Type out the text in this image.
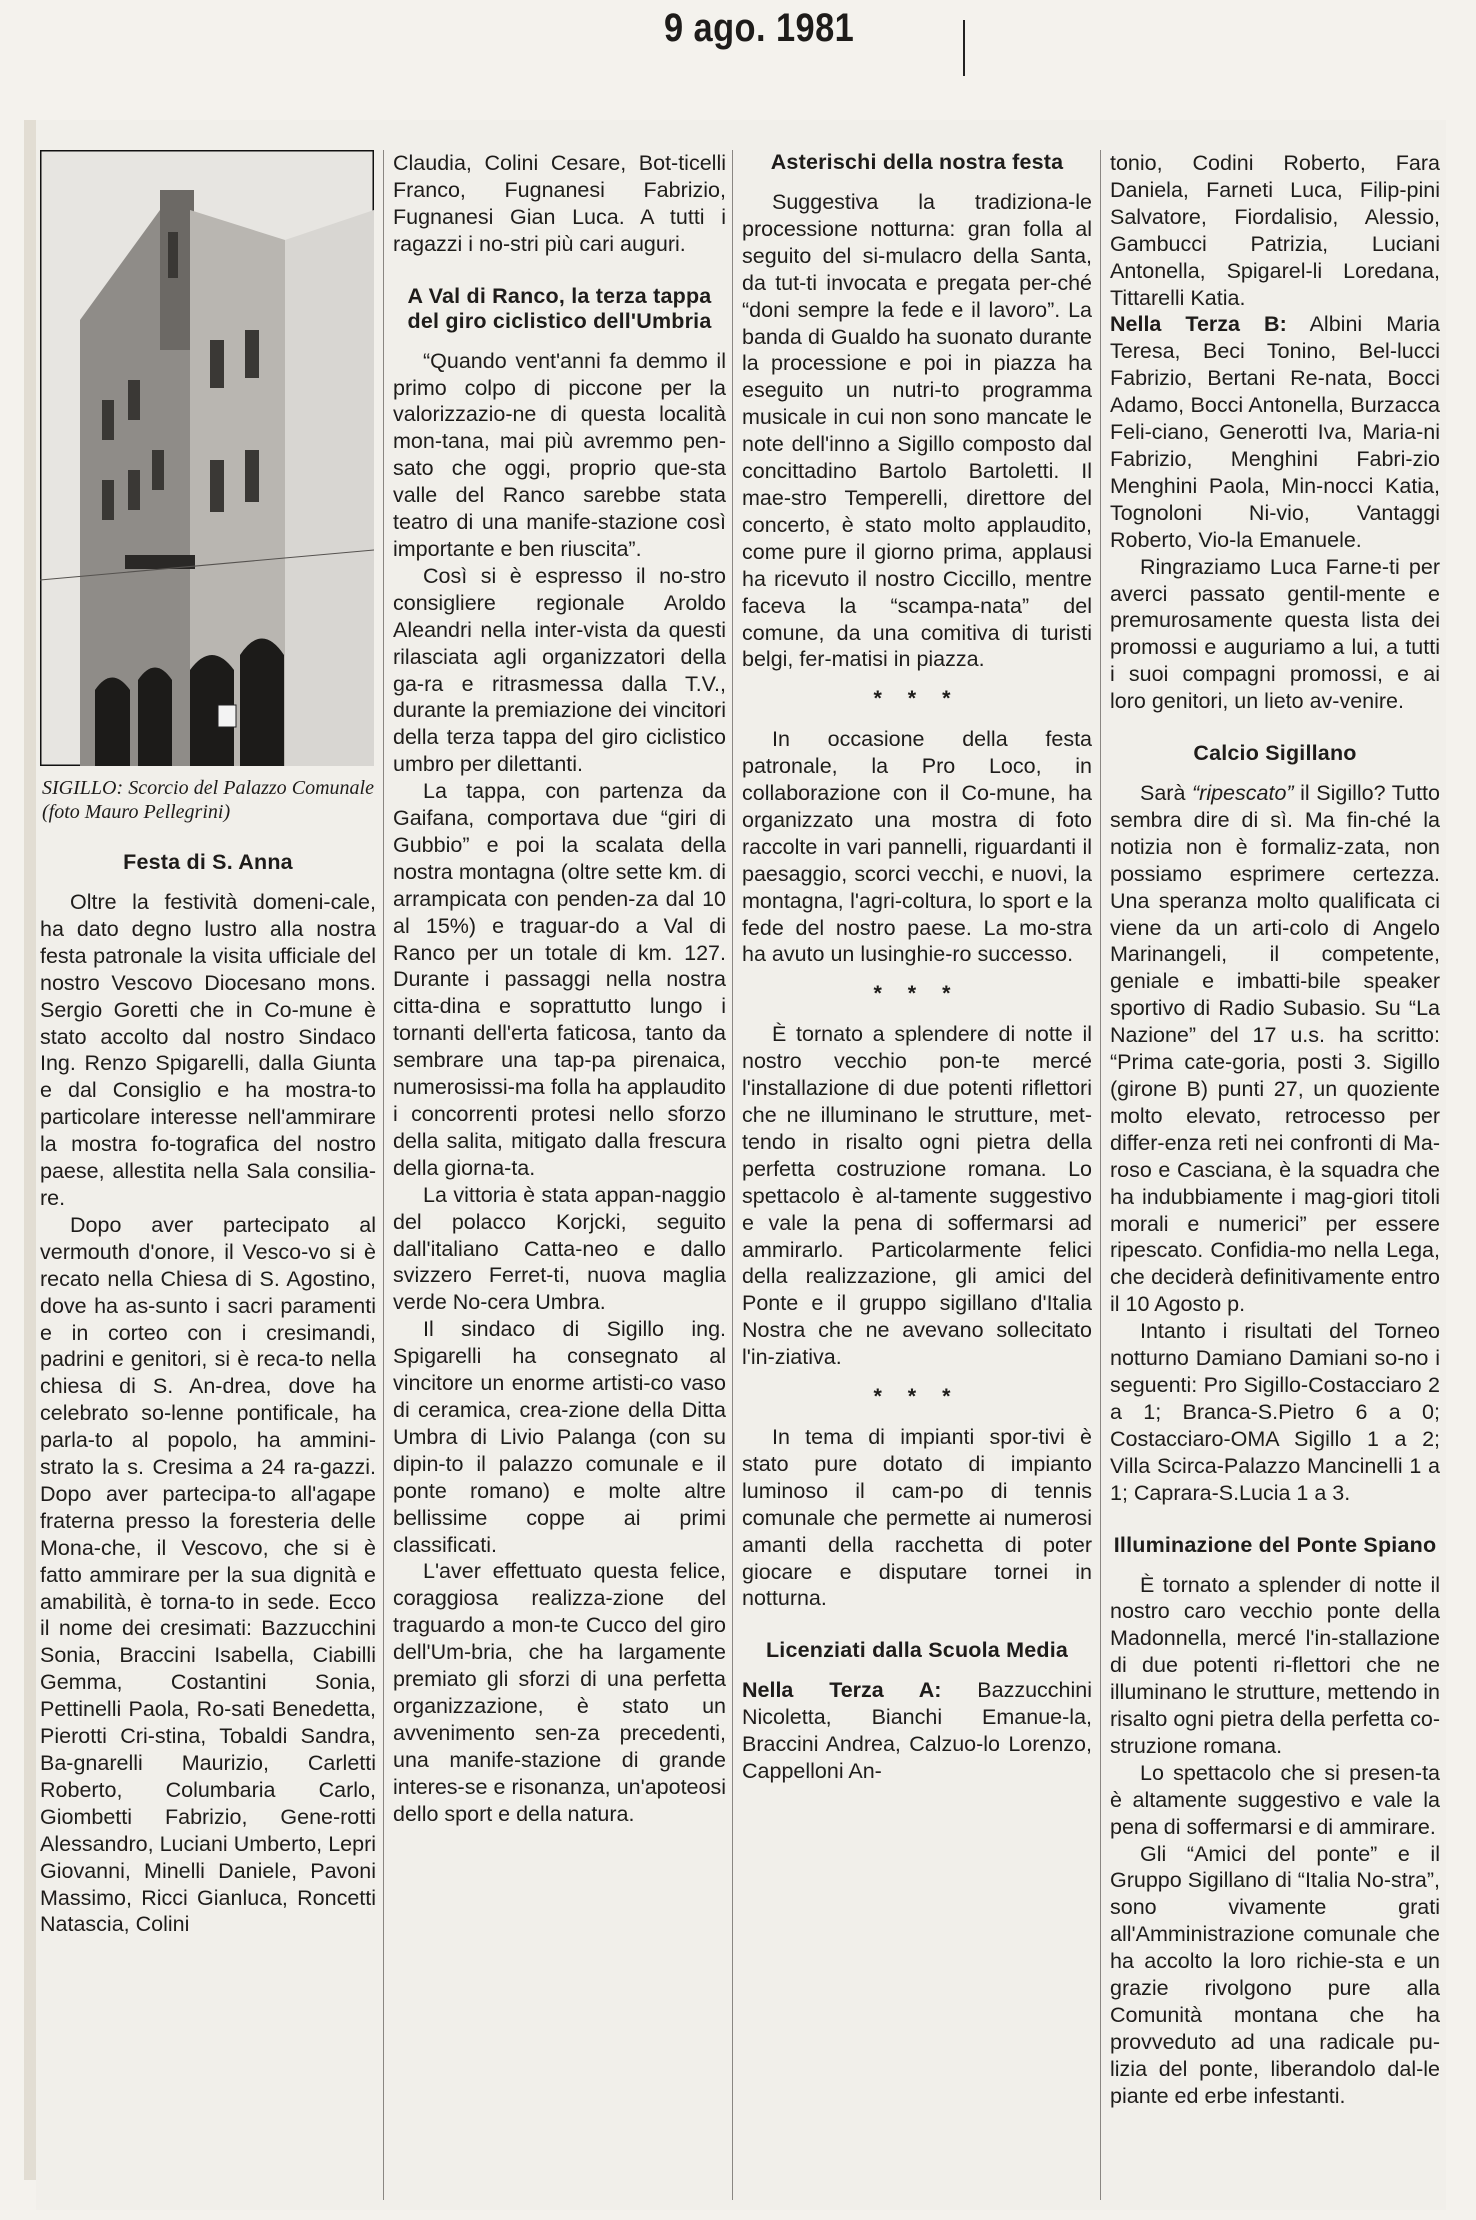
9 ago. 1981
SIGILLO: Scorcio del Palazzo Comunale (foto Mauro Pellegrini)
Festa di S. Anna

Oltre la festività domeni-cale, ha dato degno lustro alla nostra festa patronale la visita ufficiale del nostro Vescovo Diocesano mons. Sergio Goretti che in Co-mune è stato accolto dal nostro Sindaco Ing. Renzo Spigarelli, dalla Giunta e dal Consiglio e ha mostra-to particolare interesse nell'ammirare la mostra fo-tografica del nostro paese, allestita nella Sala consilia-re.

Dopo aver partecipato al vermouth d'onore, il Vesco-vo si è recato nella Chiesa di S. Agostino, dove ha as-sunto i sacri paramenti e in corteo con i cresimandi, padrini e genitori, si è reca-to nella chiesa di S. An-drea, dove ha celebrato so-lenne pontificale, ha parla-to al popolo, ha ammini-strato la s. Cresima a 24 ra-gazzi. Dopo aver partecipa-to all'agape fraterna presso la foresteria delle Mona-che, il Vescovo, che si è fatto ammirare per la sua dignità e amabilità, è torna-to in sede. Ecco il nome dei cresimati: Bazzucchini Sonia, Braccini Isabella, Ciabilli Gemma, Costantini Sonia, Pettinelli Paola, Ro-sati Benedetta, Pierotti Cri-stina, Tobaldi Sandra, Ba-gnarelli Maurizio, Carletti Roberto, Columbaria Carlo, Giombetti Fabrizio, Gene-rotti Alessandro, Luciani Umberto, Lepri Giovanni, Minelli Daniele, Pavoni Massimo, Ricci Gianluca, Roncetti Natascia, Colini

Claudia, Colini Cesare, Bot-ticelli Franco, Fugnanesi Fabrizio, Fugnanesi Gian Luca. A tutti i ragazzi i no-stri più cari auguri.

A Val di Ranco, la terza tappa del giro ciclistico dell'Umbria

“Quando vent'anni fa demmo il primo colpo di piccone per la valorizzazio-ne di questa località mon-tana, mai più avremmo pen-sato che oggi, proprio que-sta valle del Ranco sarebbe stata teatro di una manife-stazione così importante e ben riuscita”.

Così si è espresso il no-stro consigliere regionale Aroldo Aleandri nella inter-vista da questi rilasciata agli organizzatori della ga-ra e ritrasmessa dalla T.V., durante la premiazione dei vincitori della terza tappa del giro ciclistico umbro per dilettanti.

La tappa, con partenza da Gaifana, comportava due “giri di Gubbio” e poi la scalata della nostra montagna (oltre sette km. di arrampicata con penden-za dal 10 al 15%) e traguar-do a Val di Ranco per un totale di km. 127. Durante i passaggi nella nostra citta-dina e soprattutto lungo i tornanti dell'erta faticosa, tanto da sembrare una tap-pa pirenaica, numerosissi-ma folla ha applaudito i concorrenti protesi nello sforzo della salita, mitigato dalla frescura della giorna-ta.

La vittoria è stata appan-naggio del polacco Korjcki, seguito dall'italiano Catta-neo e dallo svizzero Ferret-ti, nuova maglia verde No-cera Umbra.

Il sindaco di Sigillo ing. Spigarelli ha consegnato al vincitore un enorme artisti-co vaso di ceramica, crea-zione della Ditta Umbra di Livio Palanga (con su dipin-to il palazzo comunale e il ponte romano) e molte altre bellissime coppe ai primi classificati.

L'aver effettuato questa felice, coraggiosa realizza-zione del traguardo a mon-te Cucco del giro dell'Um-bria, che ha largamente premiato gli sforzi di una perfetta organizzazione, è stato un avvenimento sen-za precedenti, una manife-stazione di grande interes-se e risonanza, un'apoteosi dello sport e della natura.

Asterischi della nostra festa

Suggestiva la tradiziona-le processione notturna: gran folla al seguito del si-mulacro della Santa, da tut-ti invocata e pregata per-ché “doni sempre la fede e il lavoro”. La banda di Gualdo ha suonato durante la processione e poi in piazza ha eseguito un nutri-to programma musicale in cui non sono mancate le note dell'inno a Sigillo composto dal concittadino Bartolo Bartoletti. Il mae-stro Temperelli, direttore del concerto, è stato molto applaudito, come pure il giorno prima, applausi ha ricevuto il nostro Ciccillo, mentre faceva la “scampa-nata” del comune, da una comitiva di turisti belgi, fer-matisi in piazza.

* * *

In occasione della festa patronale, la Pro Loco, in collaborazione con il Co-mune, ha organizzato una mostra di foto raccolte in vari pannelli, riguardanti il paesaggio, scorci vecchi, e nuovi, la montagna, l'agri-coltura, lo sport e la fede del nostro paese. La mo-stra ha avuto un lusinghie-ro successo.

* * *

È tornato a splendere di notte il nostro vecchio pon-te mercé l'installazione di due potenti riflettori che ne illuminano le strutture, met-tendo in risalto ogni pietra della perfetta costruzione romana. Lo spettacolo è al-tamente suggestivo e vale la pena di soffermarsi ad ammirarlo. Particolarmente felici della realizzazione, gli amici del Ponte e il gruppo sigillano d'Italia Nostra che ne avevano sollecitato l'in-ziativa.

* * *

In tema di impianti spor-tivi è stato pure dotato di impianto luminoso il cam-po di tennis comunale che permette ai numerosi amanti della racchetta di poter giocare e disputare tornei in notturna.

Licenziati dalla Scuola Media

Nella Terza A: Bazzucchini Nicoletta, Bianchi Emanue-la, Braccini Andrea, Calzuo-lo Lorenzo, Cappelloni An-

tonio, Codini Roberto, Fara Daniela, Farneti Luca, Filip-pini Salvatore, Fiordalisio, Alessio, Gambucci Patrizia, Luciani Antonella, Spigarel-li Loredana, Tittarelli Katia.

Nella Terza B: Albini Maria Teresa, Beci Tonino, Bel-lucci Fabrizio, Bertani Re-nata, Bocci Adamo, Bocci Antonella, Burzacca Feli-ciano, Generotti Iva, Maria-ni Fabrizio, Menghini Fabri-zio Menghini Paola, Min-nocci Katia, Tognoloni Ni-vio, Vantaggi Roberto, Vio-la Emanuele.

Ringraziamo Luca Farne-ti per averci passato gentil-mente e premurosamente questa lista dei promossi e auguriamo a lui, a tutti i suoi compagni promossi, e ai loro genitori, un lieto av-venire.

Calcio Sigillano

Sarà “ripescato” il Sigillo? Tutto sembra dire di sì. Ma fin-ché la notizia non è formaliz-zata, non possiamo esprimere certezza. Una speranza molto qualificata ci viene da un arti-colo di Angelo Marinangeli, il competente, geniale e imbatti-bile speaker sportivo di Radio Subasio. Su “La Nazione” del 17 u.s. ha scritto: “Prima cate-goria, posti 3. Sigillo (girone B) punti 27, un quoziente molto elevato, retrocesso per differ-enza reti nei confronti di Ma-roso e Casciana, è la squadra che ha indubbiamente i mag-giori titoli morali e numerici” per essere ripescato. Confidia-mo nella Lega, che deciderà definitivamente entro il 10 Agosto p.

Intanto i risultati del Torneo notturno Damiano Damiani so-no i seguenti: Pro Sigillo-Costacciaro 2 a 1; Branca-S.Pietro 6 a 0; Costacciaro-OMA Sigillo 1 a 2; Villa Scirca-Palazzo Mancinelli 1 a 1; Caprara-S.Lucia 1 a 3.

Illuminazione del Ponte Spiano

È tornato a splender di notte il nostro caro vecchio ponte della Madonnella, mercé l'in-stallazione di due potenti ri-flettori che ne illuminano le strutture, mettendo in risalto ogni pietra della perfetta co-struzione romana.

Lo spettacolo che si presen-ta è altamente suggestivo e vale la pena di soffermarsi e di ammirare.

Gli “Amici del ponte” e il Gruppo Sigillano di “Italia No-stra”, sono vivamente grati all'Amministrazione comunale che ha accolto la loro richie-sta e un grazie rivolgono pure alla Comunità montana che ha provveduto ad una radicale pu-lizia del ponte, liberandolo dal-le piante ed erbe infestanti.
